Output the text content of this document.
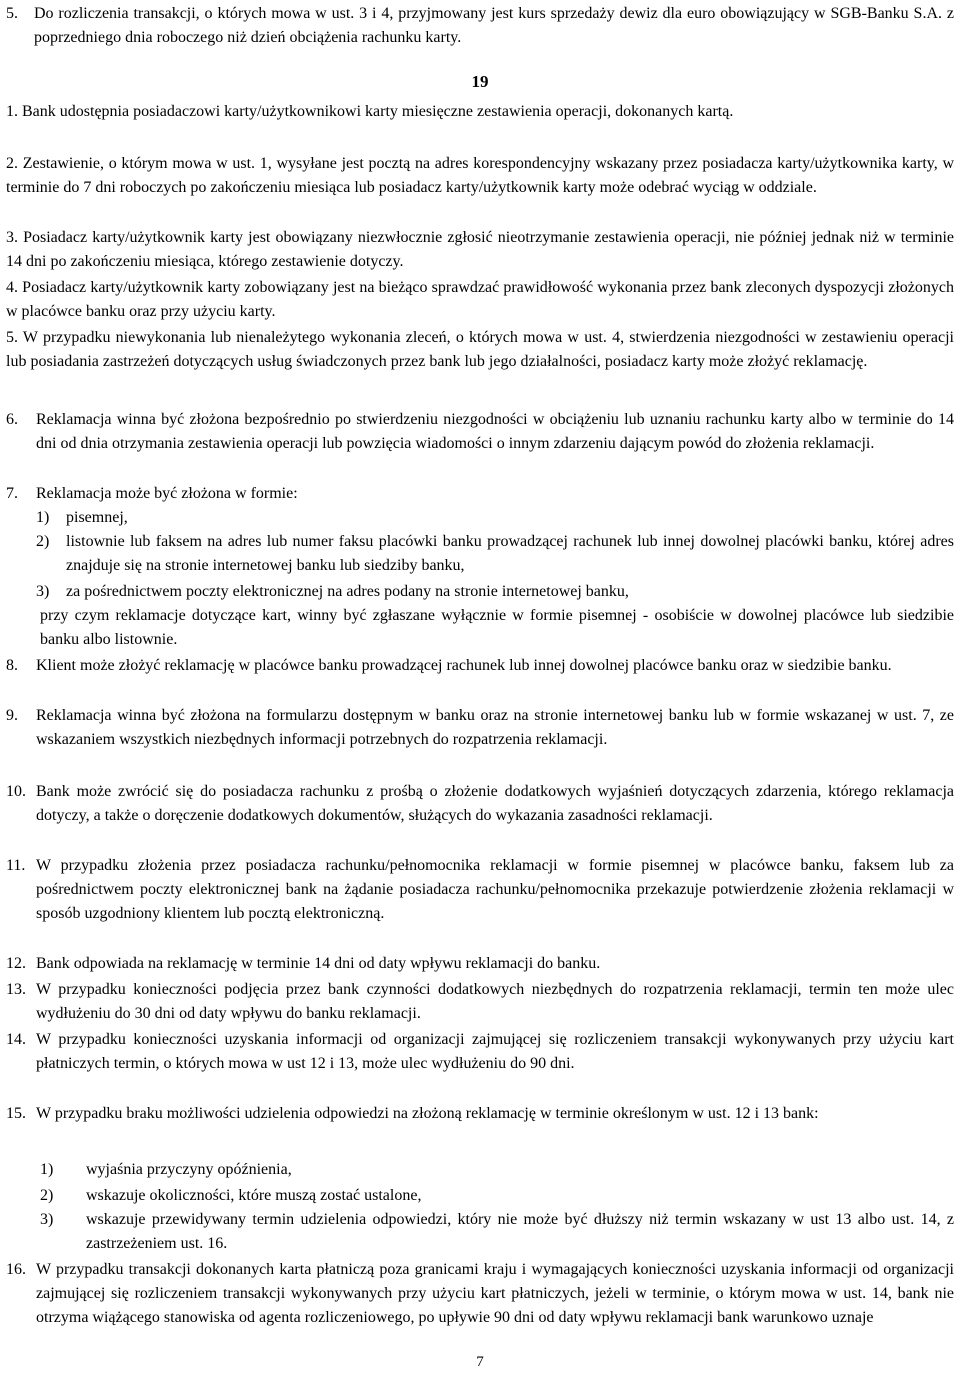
5. Do rozliczenia transakcji, o których mowa w ust. 3 i 4, przyjmowany jest kurs sprzedaży dewiz dla euro obowiązujący w SGB-Banku S.A. z poprzedniego dnia roboczego niż dzień obciążenia rachunku karty.
19
1. Bank udostępnia posiadaczowi karty/użytkownikowi karty miesięczne zestawienia operacji, dokonanych kartą.
2. Zestawienie, o którym mowa w ust. 1, wysyłane jest pocztą na adres korespondencyjny wskazany przez posiadacza karty/użytkownika karty, w terminie do 7 dni roboczych po zakończeniu miesiąca lub posiadacz karty/użytkownik karty może odebrać wyciąg w oddziale.
3. Posiadacz karty/użytkownik karty jest obowiązany niezwłocznie zgłosić nieotrzymanie zestawienia operacji, nie później jednak niż w terminie 14 dni po zakończeniu miesiąca, którego zestawienie dotyczy.
4. Posiadacz karty/użytkownik karty zobowiązany jest na bieżąco sprawdzać prawidłowość wykonania przez bank zleconych dyspozycji złożonych w placówce banku oraz przy użyciu karty.
5. W przypadku niewykonania lub nienależytego wykonania zleceń, o których mowa w ust. 4, stwierdzenia niezgodności w zestawieniu operacji lub posiadania zastrzeżeń dotyczących usług świadczonych przez bank lub jego działalności, posiadacz karty może złożyć reklamację.
6. Reklamacja winna być złożona bezpośrednio po stwierdzeniu niezgodności w obciążeniu lub uznaniu rachunku karty albo w terminie do 14 dni od dnia otrzymania zestawienia operacji lub powzięcia wiadomości o innym zdarzeniu dającym powód do złożenia reklamacji.
7. Reklamacja może być złożona w formie:
1) pisemnej,
2) listownie lub faksem na adres lub numer faksu placówki banku prowadzącej rachunek lub innej dowolnej placówki banku, której adres znajduje się na stronie internetowej banku lub siedziby banku,
3) za pośrednictwem poczty elektronicznej na adres podany na stronie internetowej banku,
przy czym reklamacje dotyczące kart, winny być zgłaszane wyłącznie w formie pisemnej - osobiście w dowolnej placówce lub siedzibie banku albo listownie.
8. Klient może złożyć reklamację w placówce banku prowadzącej rachunek lub innej dowolnej placówce banku oraz w siedzibie banku.
9. Reklamacja winna być złożona na formularzu dostępnym w banku oraz na stronie internetowej banku lub w formie wskazanej w ust. 7, ze wskazaniem wszystkich niezbędnych informacji potrzebnych do rozpatrzenia reklamacji.
10. Bank może zwrócić się do posiadacza rachunku z prośbą o złożenie dodatkowych wyjaśnień dotyczących zdarzenia, którego reklamacja dotyczy, a także o doręczenie dodatkowych dokumentów, służących do wykazania zasadności reklamacji.
11. W przypadku złożenia przez posiadacza rachunku/pełnomocnika reklamacji w formie pisemnej w placówce banku, faksem lub za pośrednictwem poczty elektronicznej bank na żądanie posiadacza rachunku/pełnomocnika przekazuje potwierdzenie złożenia reklamacji w sposób uzgodniony klientem lub pocztą elektroniczną.
12. Bank odpowiada na reklamację w terminie 14 dni od daty wpływu reklamacji do banku.
13. W przypadku konieczności podjęcia przez bank czynności dodatkowych niezbędnych do rozpatrzenia reklamacji, termin ten może ulec wydłużeniu do 30 dni od daty wpływu do banku reklamacji.
14. W przypadku konieczności uzyskania informacji od organizacji zajmującej się rozliczeniem transakcji wykonywanych przy użyciu kart płatniczych termin, o których mowa w ust 12 i 13, może ulec wydłużeniu do 90 dni.
15. W przypadku braku możliwości udzielenia odpowiedzi na złożoną reklamację w terminie określonym w ust. 12 i 13 bank:
1) wyjaśnia przyczyny opóźnienia,
2) wskazuje okoliczności, które muszą zostać ustalone,
3) wskazuje przewidywany termin udzielenia odpowiedzi, który nie może być dłuższy niż termin wskazany w ust 13 albo ust. 14, z zastrzeżeniem ust. 16.
16. W przypadku transakcji dokonanych karta płatniczą poza granicami kraju i wymagających konieczności uzyskania informacji od organizacji zajmującej się rozliczeniem transakcji wykonywanych przy użyciu kart płatniczych, jeżeli w terminie, o którym mowa w ust. 14, bank nie otrzyma wiążącego stanowiska od agenta rozliczeniowego, po upływie 90 dni od daty wpływu reklamacji bank warunkowo uznaje
7
